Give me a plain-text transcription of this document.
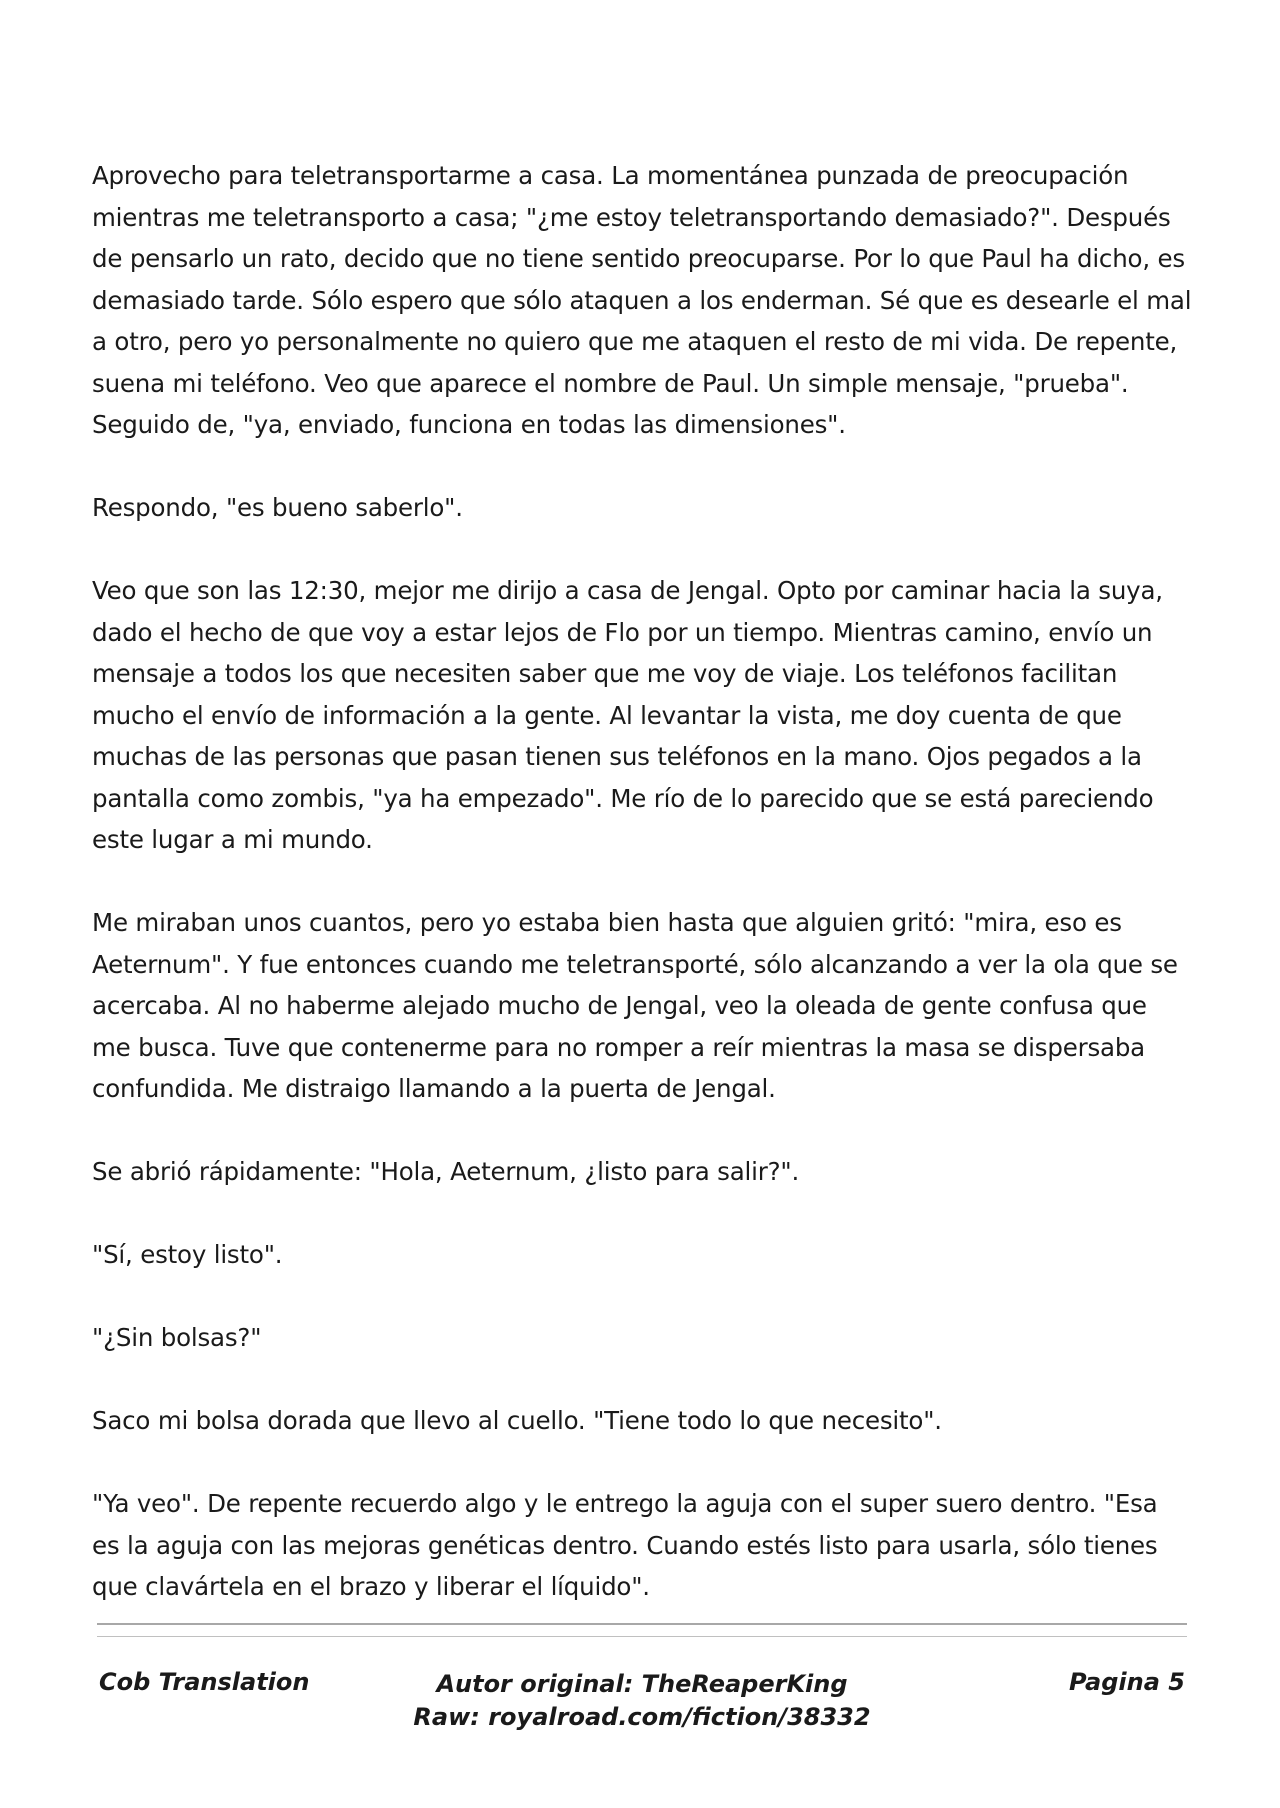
Aprovecho para teletransportarme a casa. La momentánea punzada de preocupación mientras me teletransporto a casa; "¿me estoy teletransportando demasiado?". Después de pensarlo un rato, decido que no tiene sentido preocuparse. Por lo que Paul ha dicho, es demasiado tarde. Sólo espero que sólo ataquen a los enderman. Sé que es desearle el mal a otro, pero yo personalmente no quiero que me ataquen el resto de mi vida. De repente, suena mi teléfono. Veo que aparece el nombre de Paul. Un simple mensaje, "prueba". Seguido de, "ya, enviado, funciona en todas las dimensiones".

Respondo, "es bueno saberlo".

Veo que son las 12:30, mejor me dirijo a casa de Jengal. Opto por caminar hacia la suya, dado el hecho de que voy a estar lejos de Flo por un tiempo. Mientras camino, envío un mensaje a todos los que necesiten saber que me voy de viaje. Los teléfonos facilitan mucho el envío de información a la gente. Al levantar la vista, me doy cuenta de que muchas de las personas que pasan tienen sus teléfonos en la mano. Ojos pegados a la pantalla como zombis, "ya ha empezado". Me río de lo parecido que se está pareciendo este lugar a mi mundo.

Me miraban unos cuantos, pero yo estaba bien hasta que alguien gritó: "mira, eso es Aeternum". Y fue entonces cuando me teletransporté, sólo alcanzando a ver la ola que se acercaba. Al no haberme alejado mucho de Jengal, veo la oleada de gente confusa que me busca. Tuve que contenerme para no romper a reír mientras la masa se dispersaba confundida. Me distraigo llamando a la puerta de Jengal.

Se abrió rápidamente: "Hola, Aeternum, ¿listo para salir?".

"Sí, estoy listo".

"¿Sin bolsas?"

Saco mi bolsa dorada que llevo al cuello. "Tiene todo lo que necesito".

"Ya veo". De repente recuerdo algo y le entrego la aguja con el super suero dentro. "Esa es la aguja con las mejoras genéticas dentro. Cuando estés listo para usarla, sólo tienes que clavártela en el brazo y liberar el líquido".

Cob Translation	Autor original: TheReaperKing
Raw: royalroad.com/fiction/38332
Pagina 5
